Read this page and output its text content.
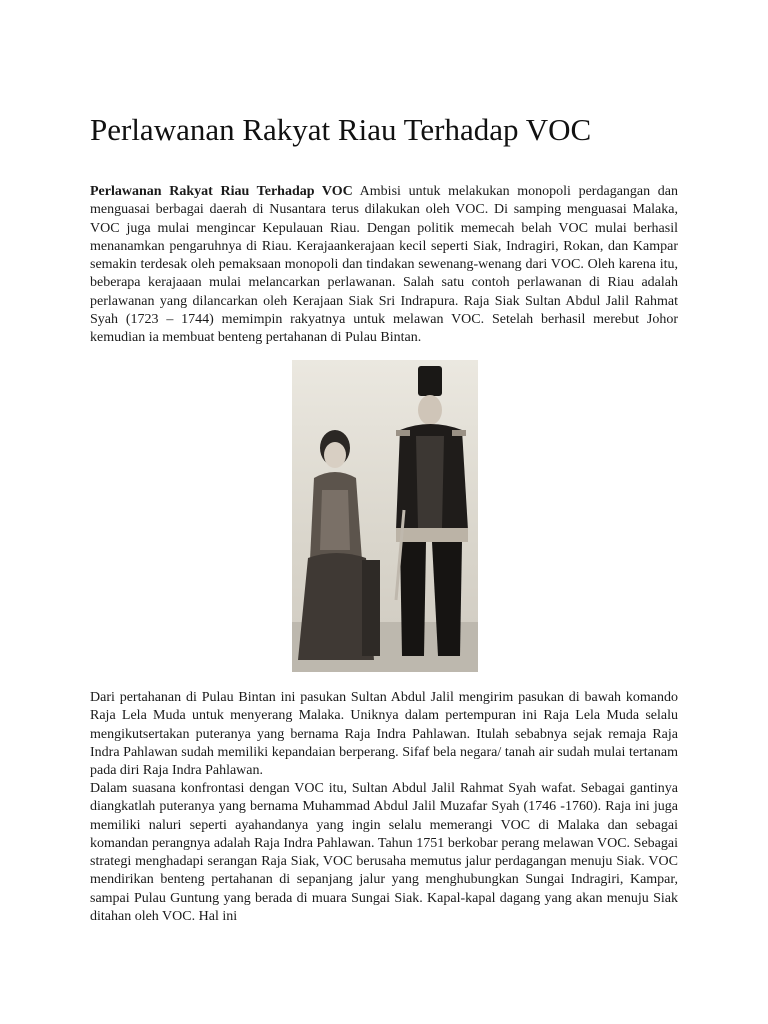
Perlawanan Rakyat Riau Terhadap VOC

Perlawanan Rakyat Riau Terhadap VOC Ambisi untuk melakukan monopoli perdagangan dan menguasai berbagai daerah di Nusantara terus dilakukan oleh VOC. Di samping menguasai Malaka, VOC juga mulai mengincar Kepulauan Riau. Dengan politik memecah belah VOC mulai berhasil menanamkan pengaruhnya di Riau. Kerajaankerajaan kecil seperti Siak, Indragiri, Rokan, dan Kampar semakin terdesak oleh pemaksaan monopoli dan tindakan sewenang-wenang dari VOC. Oleh karena itu, beberapa kerajaaan mulai melancarkan perlawanan. Salah satu contoh perlawanan di Riau adalah perlawanan yang dilancarkan oleh Kerajaan Siak Sri Indrapura. Raja Siak Sultan Abdul Jalil Rahmat Syah (1723 – 1744) memimpin rakyatnya untuk melawan VOC. Setelah berhasil merebut Johor kemudian ia membuat benteng pertahanan di Pulau Bintan.

Dari pertahanan di Pulau Bintan ini pasukan Sultan Abdul Jalil mengirim pasukan di bawah komando Raja Lela Muda untuk menyerang Malaka. Uniknya dalam pertempuran ini Raja Lela Muda selalu mengikutsertakan puteranya yang bernama Raja Indra Pahlawan. Itulah sebabnya sejak remaja Raja Indra Pahlawan sudah memiliki kepandaian berperang. Sifaf bela negara/ tanah air sudah mulai tertanam pada diri Raja Indra Pahlawan.

Dalam suasana konfrontasi dengan VOC itu, Sultan Abdul Jalil Rahmat Syah wafat. Sebagai gantinya diangkatlah puteranya yang bernama Muhammad Abdul Jalil Muzafar Syah (1746 -1760). Raja ini juga memiliki naluri seperti ayahandanya yang ingin selalu memerangi VOC di Malaka dan sebagai komandan perangnya adalah Raja Indra Pahlawan. Tahun 1751 berkobar perang melawan VOC. Sebagai strategi menghadapi serangan Raja Siak, VOC berusaha memutus jalur perdagangan menuju Siak. VOC mendirikan benteng pertahanan di sepanjang jalur yang menghubungkan Sungai Indragiri, Kampar, sampai Pulau Guntung yang berada di muara Sungai Siak. Kapal-kapal dagang yang akan menuju Siak ditahan oleh VOC. Hal ini
